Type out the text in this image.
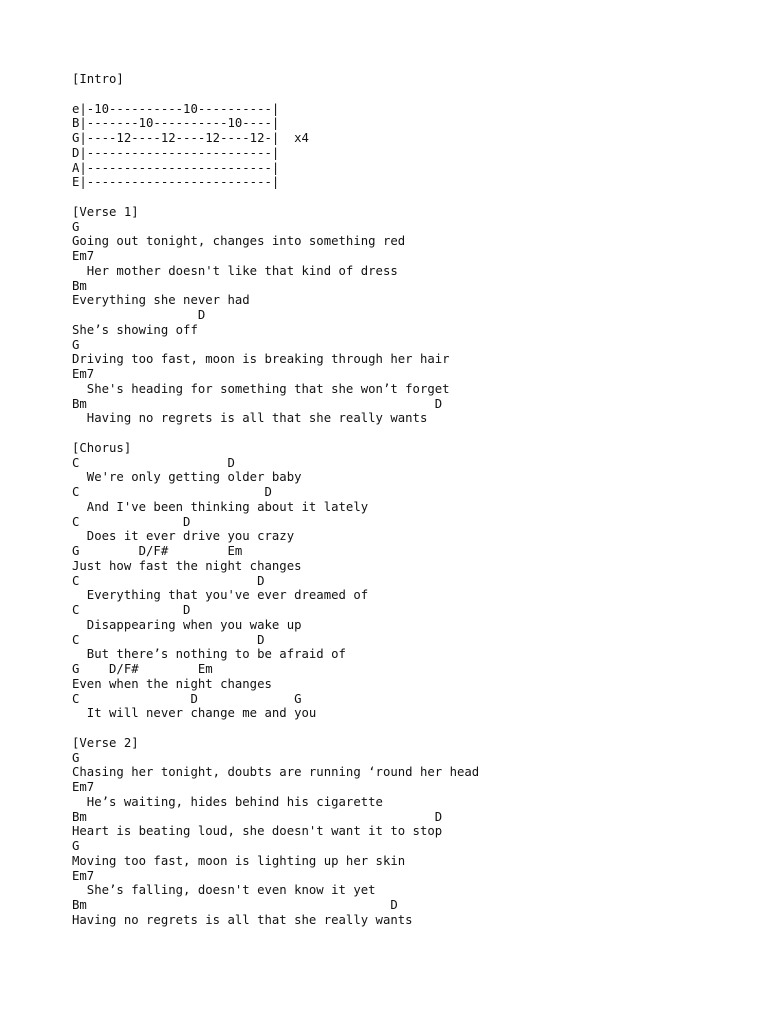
[Intro]
e|-10----------10----------|
B|-------10----------10----|
G|----12----12----12----12-|  x4
D|-------------------------|
A|-------------------------|
E|-------------------------|
[Verse 1]
G
Going out tonight, changes into something red
Em7
Her mother doesn't like that kind of dress
Bm
Everything she never had
D
She’s showing off
G
Driving too fast, moon is breaking through her hair
Em7
She's heading for something that she won’t forget
Bm                                               D
Having no regrets is all that she really wants
[Chorus]
C                    D
We're only getting older baby
C                         D
And I've been thinking about it lately
C              D
Does it ever drive you crazy
G        D/F#        Em
Just how fast the night changes
C                        D
Everything that you've ever dreamed of
C              D
Disappearing when you wake up
C                        D
But there’s nothing to be afraid of
G    D/F#        Em
Even when the night changes
C               D             G
It will never change me and you
[Verse 2]
G
Chasing her tonight, doubts are running ‘round her head
Em7
He’s waiting, hides behind his cigarette
Bm                                               D
Heart is beating loud, she doesn't want it to stop
G
Moving too fast, moon is lighting up her skin
Em7
She’s falling, doesn't even know it yet
Bm                                         D
Having no regrets is all that she really wants
